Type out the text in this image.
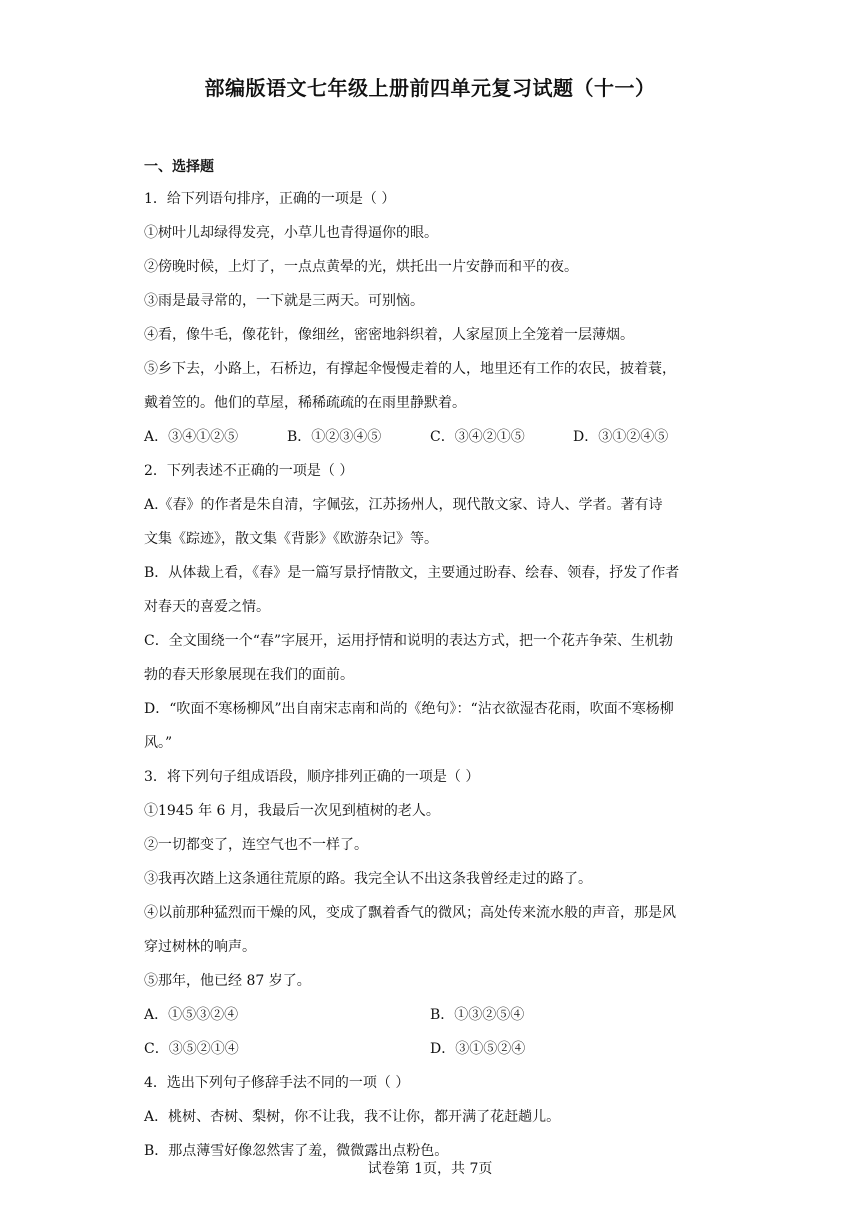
部编版语文七年级上册前四单元复习试题（十一）
一、选择题
1．给下列语句排序，正确的一项是（ ）
①树叶儿却绿得发亮，小草儿也青得逼你的眼。
②傍晚时候，上灯了，一点点黄晕的光，烘托出一片安静而和平的夜。
③雨是最寻常的，一下就是三两天。可别恼。
④看，像牛毛，像花针，像细丝，密密地斜织着，人家屋顶上全笼着一层薄烟。
⑤乡下去，小路上，石桥边，有撑起伞慢慢走着的人，地里还有工作的农民，披着蓑，
戴着笠的。他们的草屋，稀稀疏疏的在雨里静默着。
A．③④①②⑤	B．①②③④⑤	C．③④②①⑤	D．③①②④⑤
2．下列表述不正确的一项是（ ）
A.《春》的作者是朱自清，字佩弦，江苏扬州人，现代散文家、诗人、学者。著有诗
文集《踪迹》，散文集《背影》《欧游杂记》等。
B．从体裁上看，《春》是一篇写景抒情散文，主要通过盼春、绘春、领春，抒发了作者
对春天的喜爱之情。
C．全文围绕一个“春”字展开，运用抒情和说明的表达方式，把一个花卉争荣、生机勃
勃的春天形象展现在我们的面前。
D．“吹面不寒杨柳风”出自南宋志南和尚的《绝句》：“沾衣欲湿杏花雨，吹面不寒杨柳
风。”
3．将下列句子组成语段，顺序排列正确的一项是（ ）
①1945 年 6 月，我最后一次见到植树的老人。
②一切都变了，连空气也不一样了。
③我再次踏上这条通往荒原的路。我完全认不出这条我曾经走过的路了。
④以前那种猛烈而干燥的风，变成了飘着香气的微风；高处传来流水般的声音，那是风
穿过树林的响声。
⑤那年，他已经 87 岁了。
A．①⑤③②④	B．①③②⑤④
C．③⑤②①④	D．③①⑤②④
4．选出下列句子修辞手法不同的一项（ ）
A．桃树、杏树、梨树，你不让我，我不让你，都开满了花赶趟儿。
B．那点薄雪好像忽然害了羞，微微露出点粉色。
试卷第 1页，共 7页
